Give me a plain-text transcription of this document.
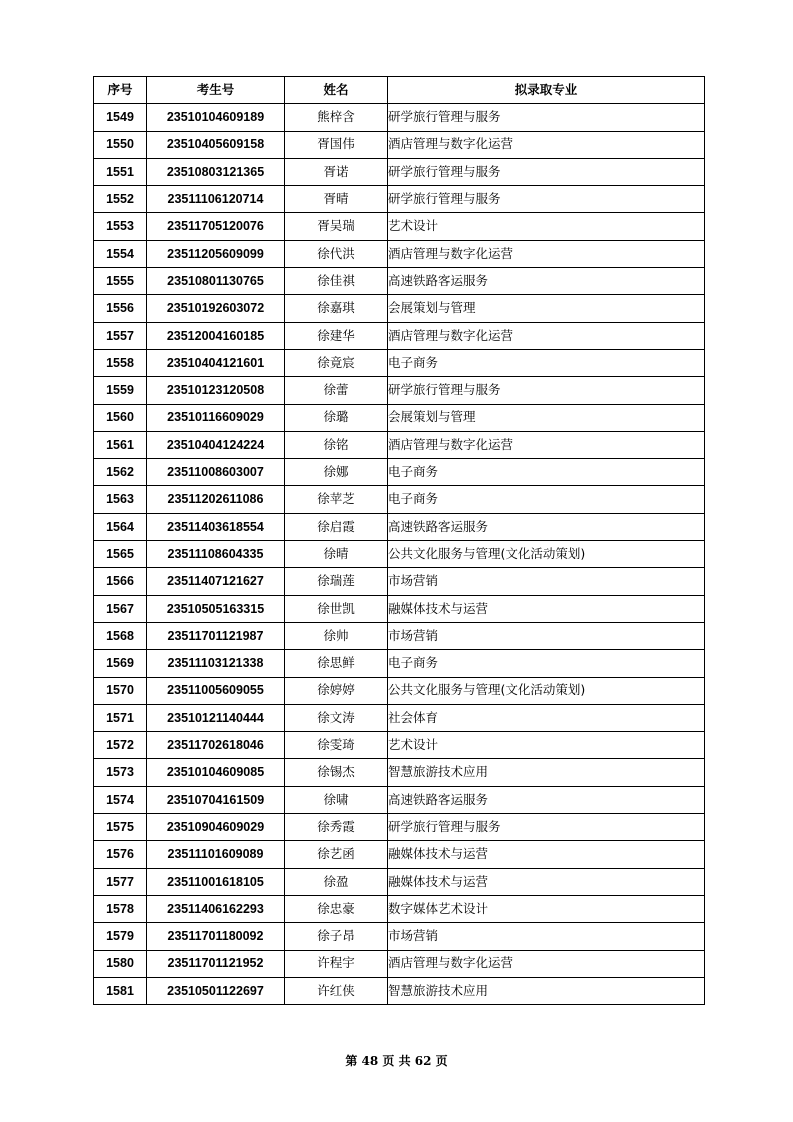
序号	考生号	姓名	拟录取专业
1549	23510104609189	熊梓含	研学旅行管理与服务
1550	23510405609158	胥国伟	酒店管理与数字化运营
1551	23510803121365	胥诺	研学旅行管理与服务
1552	23511106120714	胥晴	研学旅行管理与服务
1553	23511705120076	胥吴瑞	艺术设计
1554	23511205609099	徐代洪	酒店管理与数字化运营
1555	23510801130765	徐佳祺	高速铁路客运服务
1556	23510192603072	徐嘉琪	会展策划与管理
1557	23512004160185	徐建华	酒店管理与数字化运营
1558	23510404121601	徐竟宸	电子商务
1559	23510123120508	徐蕾	研学旅行管理与服务
1560	23510116609029	徐璐	会展策划与管理
1561	23510404124224	徐铭	酒店管理与数字化运营
1562	23511008603007	徐娜	电子商务
1563	23511202611086	徐苹芝	电子商务
1564	23511403618554	徐启霞	高速铁路客运服务
1565	23511108604335	徐晴	公共文化服务与管理(文化活动策划)
1566	23511407121627	徐瑞莲	市场营销
1567	23510505163315	徐世凯	融媒体技术与运营
1568	23511701121987	徐帅	市场营销
1569	23511103121338	徐思鲜	电子商务
1570	23511005609055	徐婷婷	公共文化服务与管理(文化活动策划)
1571	23510121140444	徐文涛	社会体育
1572	23511702618046	徐雯琦	艺术设计
1573	23510104609085	徐锡杰	智慧旅游技术应用
1574	23510704161509	徐啸	高速铁路客运服务
1575	23510904609029	徐秀霞	研学旅行管理与服务
1576	23511101609089	徐艺函	融媒体技术与运营
1577	23511001618105	徐盈	融媒体技术与运营
1578	23511406162293	徐忠豪	数字媒体艺术设计
1579	23511701180092	徐子昂	市场营销
1580	23511701121952	许程宇	酒店管理与数字化运营
1581	23510501122697	许红侠	智慧旅游技术应用
第 48 页 共 62 页
